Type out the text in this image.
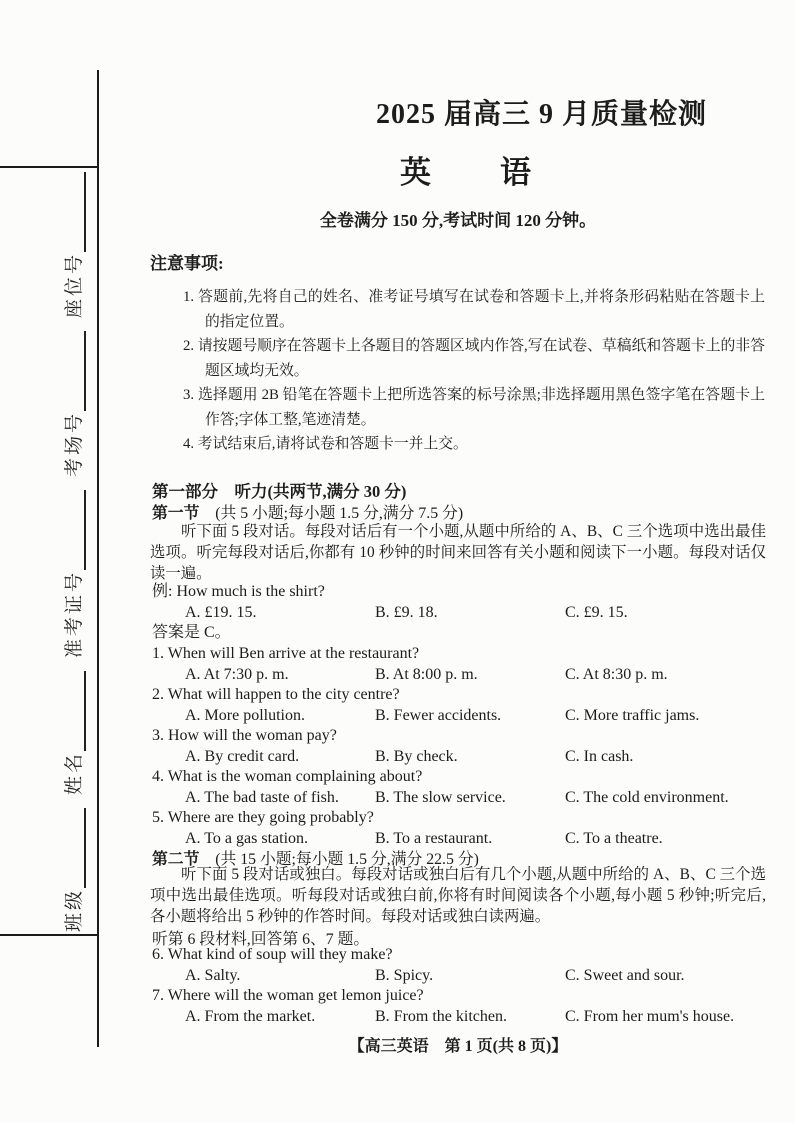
班级
姓名
准考证号
考场号
座位号
2025 届高三 9 月质量检测
英语
全卷满分 150 分,考试时间 120 分钟。
注意事项:
1. 答题前,先将自己的姓名、准考证号填写在试卷和答题卡上,并将条形码粘贴在答题卡上的指定位置。
2. 请按题号顺序在答题卡上各题目的答题区域内作答,写在试卷、草稿纸和答题卡上的非答题区域均无效。
3. 选择题用 2B 铅笔在答题卡上把所选答案的标号涂黑;非选择题用黑色签字笔在答题卡上作答;字体工整,笔迹清楚。
4. 考试结束后,请将试卷和答题卡一并上交。
第一部分　听力(共两节,满分 30 分)
第一节　(共 5 小题;每小题 1.5 分,满分 7.5 分)

听下面 5 段对话。每段对话后有一个小题,从题中所给的 A、B、C 三个选项中选出最佳选项。听完每段对话后,你都有 10 秒钟的时间来回答有关小题和阅读下一小题。每段对话仅读一遍。

例: How much is the shirt?
A. £19. 15.	B. £9. 18.	C. £9. 15.
答案是 C。
1. When will Ben arrive at the restaurant?
A. At 7:30 p. m.	B. At 8:00 p. m.	C. At 8:30 p. m.
2. What will happen to the city centre?
A. More pollution.	B. Fewer accidents.	C. More traffic jams.
3. How will the woman pay?
A. By credit card.	B. By check.	C. In cash.
4. What is the woman complaining about?
A. The bad taste of fish.	B. The slow service.	C. The cold environment.
5. Where are they going probably?
A. To a gas station.	B. To a restaurant.	C. To a theatre.
第二节　(共 15 小题;每小题 1.5 分,满分 22.5 分)

听下面 5 段对话或独白。每段对话或独白后有几个小题,从题中所给的 A、B、C 三个选项中选出最佳选项。听每段对话或独白前,你将有时间阅读各个小题,每小题 5 秒钟;听完后,各小题将给出 5 秒钟的作答时间。每段对话或独白读两遍。

听第 6 段材料,回答第 6、7 题。
6. What kind of soup will they make?
A. Salty.	B. Spicy.	C. Sweet and sour.
7. Where will the woman get lemon juice?
A. From the market.	B. From the kitchen.	C. From her mum's house.
【高三英语　第 1 页(共 8 页)】
